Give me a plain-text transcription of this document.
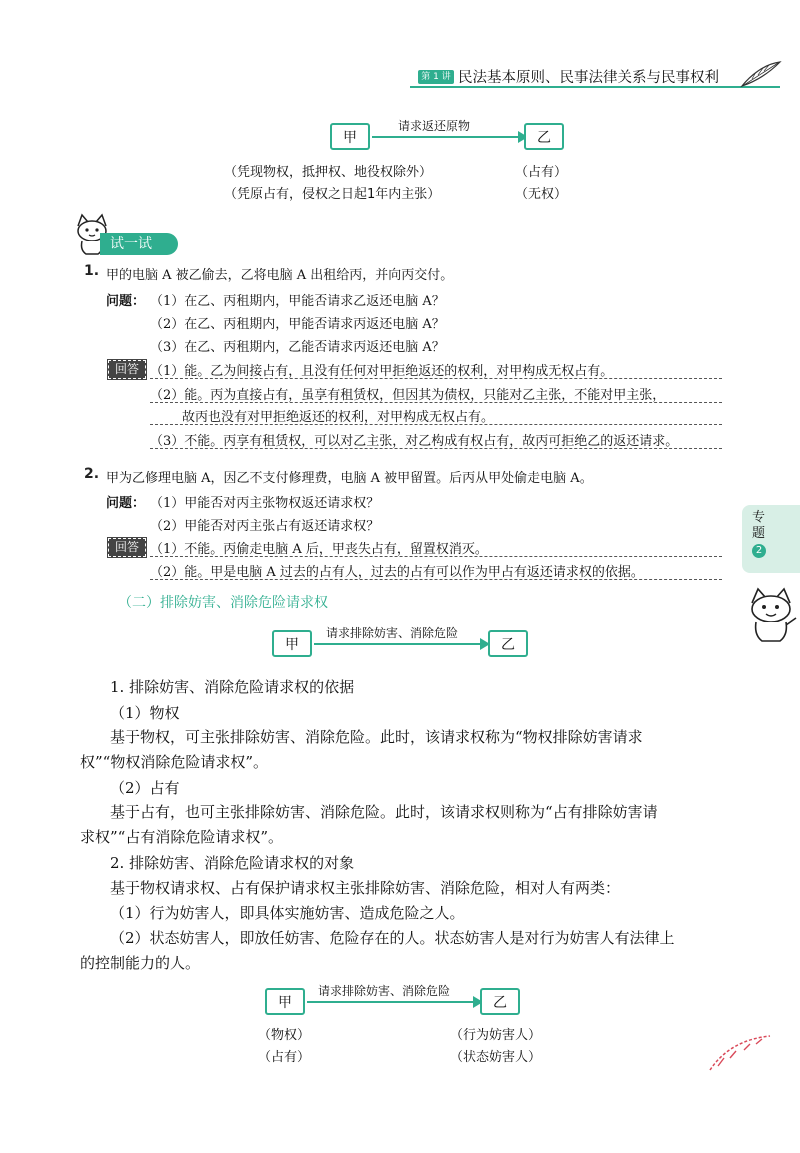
第 1 讲 民法基本原则、民事法律关系与民事权利
专题
2
甲
请求返还原物
乙
（凭现物权，抵押权、地役权除外）
（凭原占有，侵权之日起1年内主张）
（占有）
（无权）
试一试
1. 甲的电脑 A 被乙偷去，乙将电脑 A 出租给丙，并向丙交付。
问题： （1）在乙、丙租期内，甲能否请求乙返还电脑 A？
（2）在乙、丙租期内，甲能否请求丙返还电脑 A？
（3）在乙、丙租期内，乙能否请求丙返还电脑 A？
回答 （1）能。乙为间接占有，且没有任何对甲拒绝返还的权利，对甲构成无权占有。
（2）能。丙为直接占有，虽享有租赁权，但因其为债权，只能对乙主张，不能对甲主张，
故丙也没有对甲拒绝返还的权利，对甲构成无权占有。
（3）不能。丙享有租赁权，可以对乙主张，对乙构成有权占有，故丙可拒绝乙的返还请求。
2. 甲为乙修理电脑 A，因乙不支付修理费，电脑 A 被甲留置。后丙从甲处偷走电脑 A。
问题： （1）甲能否对丙主张物权返还请求权？
（2）甲能否对丙主张占有返还请求权？
回答 （1）不能。丙偷走电脑 A 后，甲丧失占有，留置权消灭。
（2）能。甲是电脑 A 过去的占有人，过去的占有可以作为甲占有返还请求权的依据。
（二）排除妨害、消除危险请求权
甲
请求排除妨害、消除危险
乙
1. 排除妨害、消除危险请求权的依据
（1）物权
基于物权，可主张排除妨害、消除危险。此时，该请求权称为“物权排除妨害请求
权”“物权消除危险请求权”。
（2）占有
基于占有，也可主张排除妨害、消除危险。此时，该请求权则称为“占有排除妨害请
求权”“占有消除危险请求权”。
2. 排除妨害、消除危险请求权的对象
基于物权请求权、占有保护请求权主张排除妨害、消除危险，相对人有两类：
（1）行为妨害人，即具体实施妨害、造成危险之人。
（2）状态妨害人，即放任妨害、危险存在的人。状态妨害人是对行为妨害人有法律上
的控制能力的人。
甲
请求排除妨害、消除危险
乙
（物权）
（占有）
（行为妨害人）
（状态妨害人）
